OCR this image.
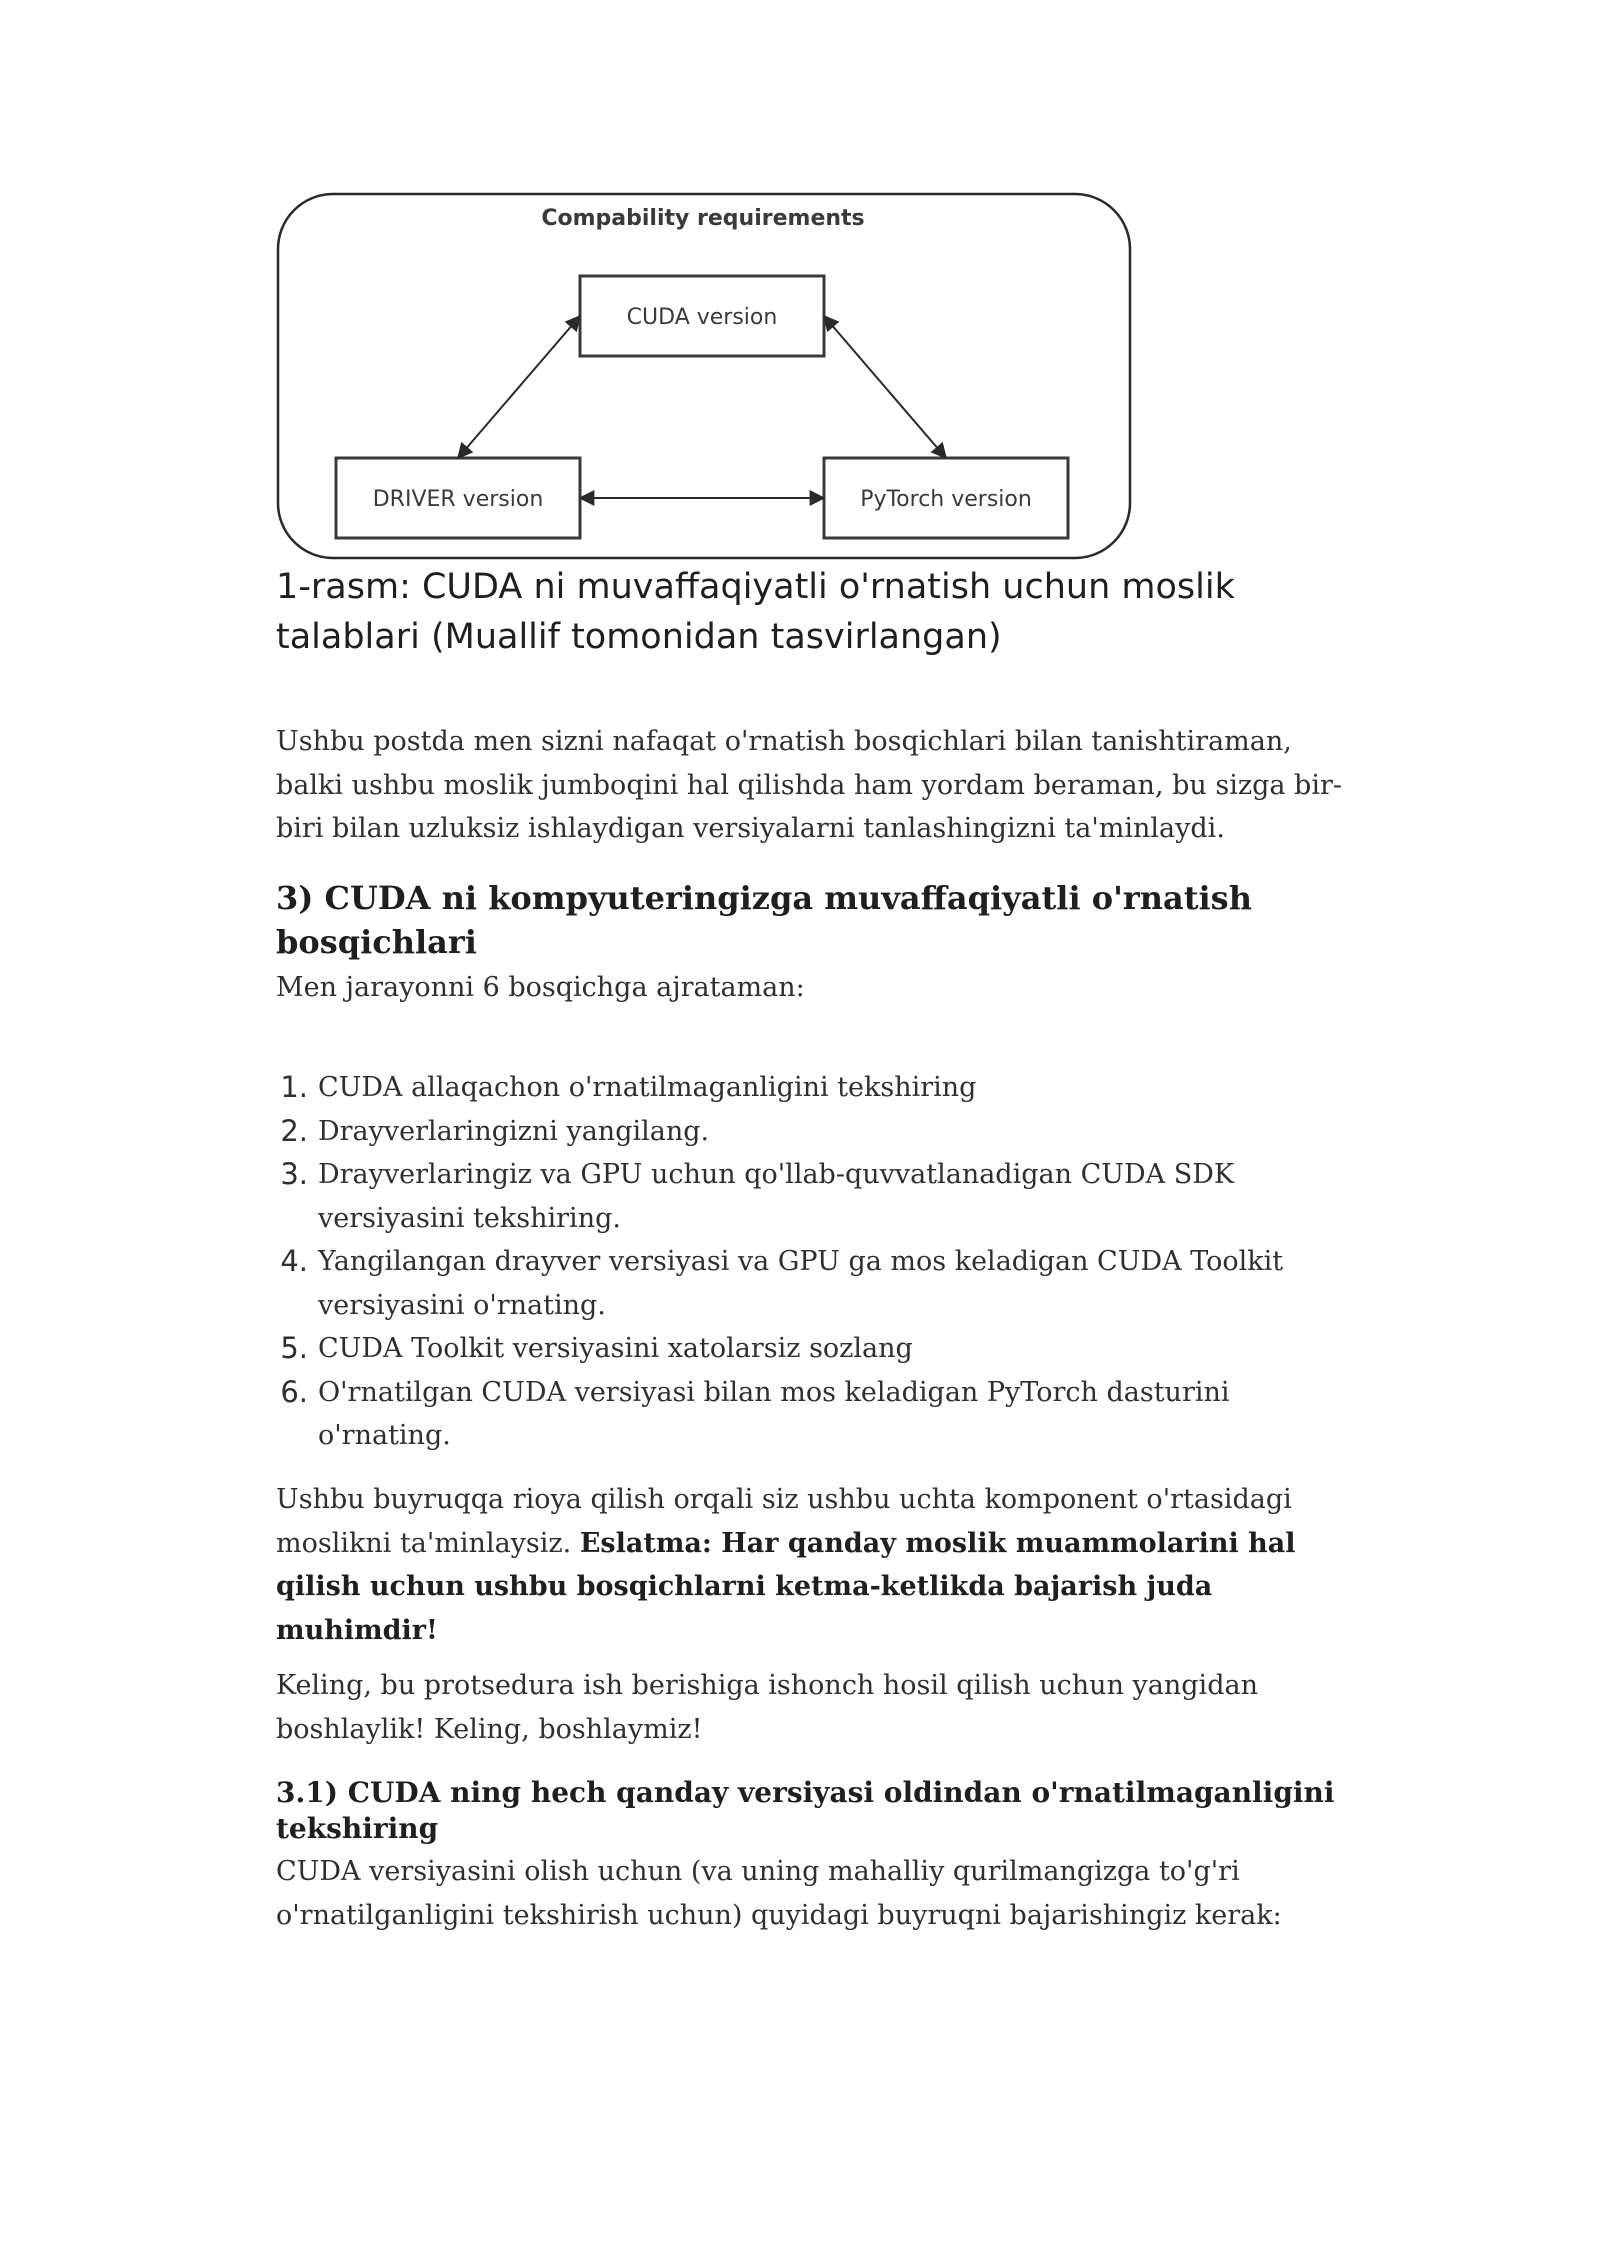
Compability requirements
CUDA version
DRIVER version	PyTorch version

1-rasm: CUDA ni muvaffaqiyatli o'rnatish uchun moslik talablari (Muallif tomonidan tasvirlangan)

Ushbu postda men sizni nafaqat o'rnatish bosqichlari bilan tanishtiraman, balki ushbu moslik jumboqini hal qilishda ham yordam beraman, bu sizga bir-biri bilan uzluksiz ishlaydigan versiyalarni tanlashingizni ta'minlaydi.

3) CUDA ni kompyuteringizga muvaffaqiyatli o'rnatish bosqichlari

Men jarayonni 6 bosqichga ajrataman:

1. CUDA allaqachon o'rnatilmaganligini tekshiring
2. Drayverlaringizni yangilang.
3. Drayverlaringiz va GPU uchun qo'llab-quvvatlanadigan CUDA SDK versiyasini tekshiring.
4. Yangilangan drayver versiyasi va GPU ga mos keladigan CUDA Toolkit versiyasini o'rnating.
5. CUDA Toolkit versiyasini xatolarsiz sozlang
6. O'rnatilgan CUDA versiyasi bilan mos keladigan PyTorch dasturini o'rnating.

Ushbu buyruqqa rioya qilish orqali siz ushbu uchta komponent o'rtasidagi moslikni ta'minlaysiz. Eslatma: Har qanday moslik muammolarini hal qilish uchun ushbu bosqichlarni ketma-ketlikda bajarish juda muhimdir!

Keling, bu protsedura ish berishiga ishonch hosil qilish uchun yangidan boshlaylik! Keling, boshlaymiz!

3.1) CUDA ning hech qanday versiyasi oldindan o'rnatilmaganligini tekshiring

CUDA versiyasini olish uchun (va uning mahalliy qurilmangizga to'g'ri o'rnatilganligini tekshirish uchun) quyidagi buyruqni bajarishingiz kerak:
